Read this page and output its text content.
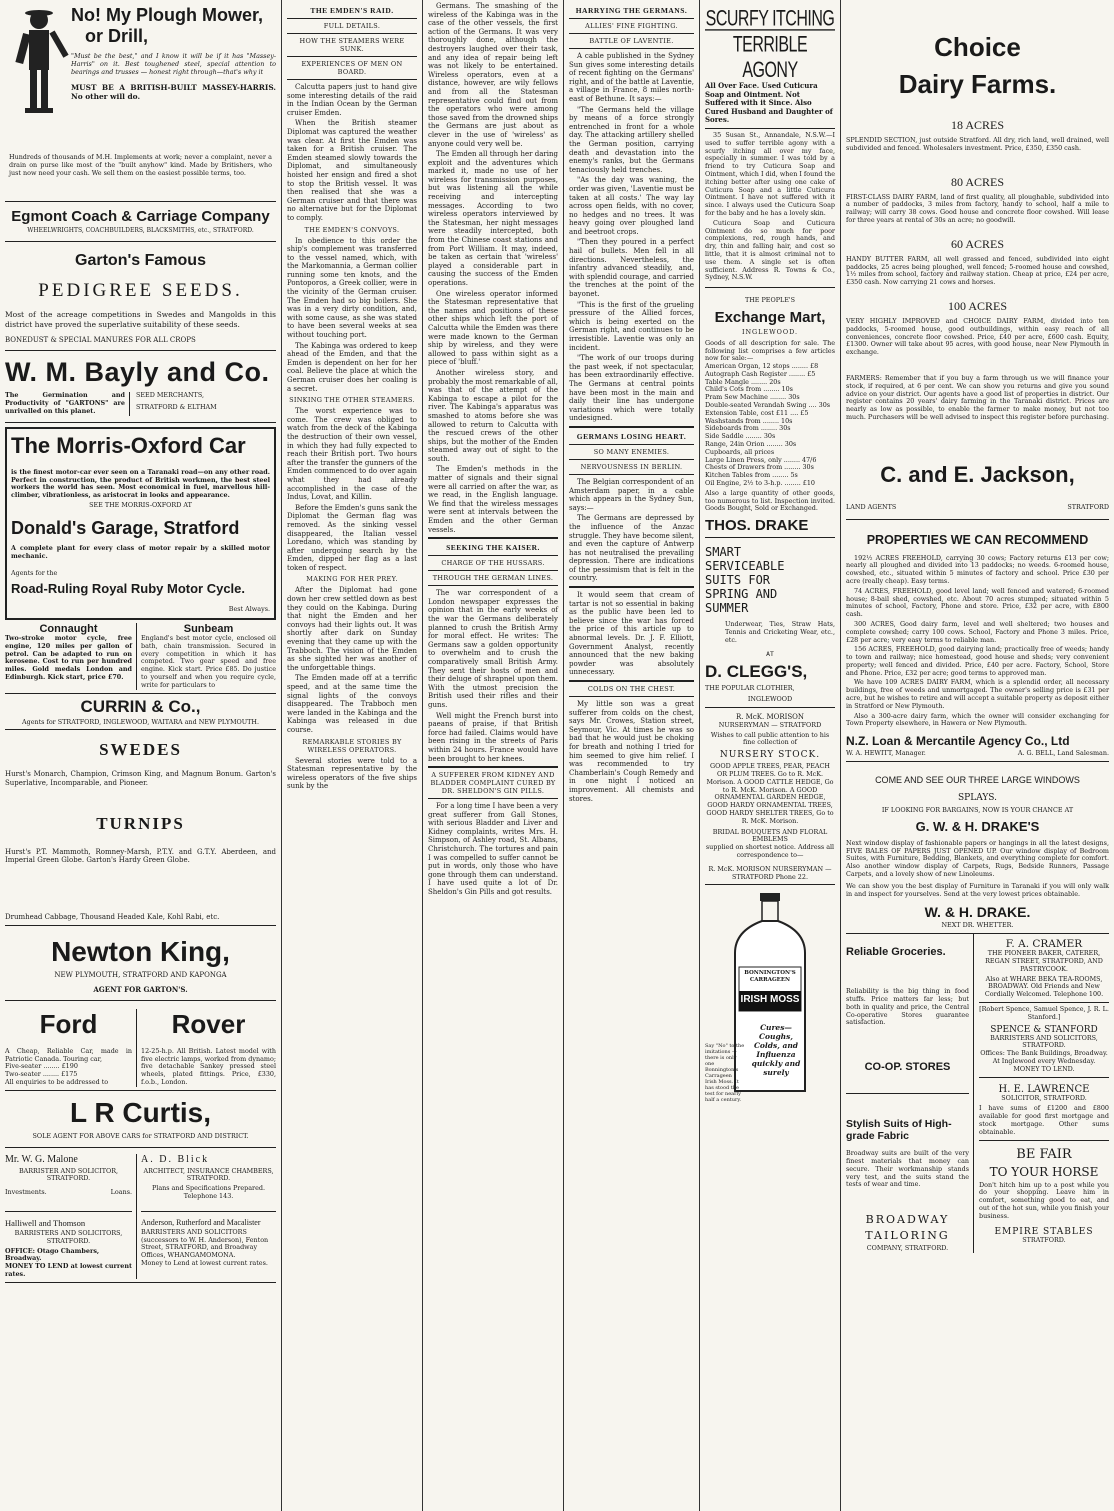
No! My Plough Mower,
or Drill,
"Must be the best," and I know it will be if it has "Massey-Harris" on it. Best toughened steel, special attention to bearings and trusses — honest right through—that's why it
MUST BE A BRITISH-BUILT MASSEY-HARRIS. No other will do.
Hundreds of thousands of M.H. Implements at work; never a complaint, never a drain on purse like most of the "built anyhow" kind. Made by Britishers, who just now need your cash. We sell them on the easiest possible terms, too.
Egmont Coach & Carriage Company
WHEELWRIGHTS, COACHBUILDERS, BLACKSMITHS, etc., STRATFORD.
Garton's Famous
PEDIGREE SEEDS.
Most of the acreage competitions in Swedes and Mangolds in this district have proved the superlative suitability of these seeds.
BONEDUST & SPECIAL MANURES FOR ALL CROPS
W. M. Bayly and Co.
The Germination and Productivity of "GARTONS" are unrivalled on this planet.
SEED MERCHANTS,
STRATFORD & ELTHAM
The Morris-Oxford Car
is the finest motor-car ever seen on a Taranaki road—on any other road. Perfect in construction, the product of British workmen, the best steel workers the world has seen. Most economical in fuel, marvellous hill-climber, vibrationless, as aristocrat in looks and appearance.
SEE THE MORRIS-OXFORD AT
Donald's Garage, Stratford
A complete plant for every class of motor repair by a skilled motor mechanic.
Agents for the
Road-Ruling Royal Ruby Motor Cycle.
Best Always.
Connaught
Two-stroke motor cycle, free engine, 120 miles per gallon of petrol. Can be adapted to run on kerosene. Cost to run per hundred miles. Gold medals London and Edinburgh. Kick start, price £70.
Sunbeam
England's best motor cycle, enclosed oil bath, chain transmission. Secured in every competition in which it has competed. Two gear speed and free engine. Kick start. Price £85. Do justice to yourself and when you require cycle, write for particulars to
CURRIN & Co.,
Agents for STRATFORD, INGLEWOOD, WAITARA and NEW PLYMOUTH.
SWEDES
Hurst's Monarch, Champion, Crimson King, and Magnum Bonum. Garton's Superlative, Incomparable, and Pioneer.
TURNIPS
Hurst's P.T. Mammoth, Romney-Marsh, P.T.Y. and G.T.Y. Aberdeen, and Imperial Green Globe. Garton's Hardy Green Globe.
Drumhead Cabbage, Thousand Headed Kale, Kohl Rabi, etc.
Newton King,
NEW PLYMOUTH, STRATFORD AND KAPONGA
AGENT FOR GARTON'S.
Ford
A Cheap, Reliable Car, made in Patriotic Canada. Touring car,
Five-seater ........ £190
Two-seater ........ £175
All enquiries to be addressed to
Rover
12-25-h.p. All British. Latest model with five electric lamps, worked from dynamo; five detachable Sankey pressed steel wheels, plated fittings. Price, £330, f.o.b., London.
L R Curtis,
SOLE AGENT FOR ABOVE CARS for STRATFORD AND DISTRICT.
Mr. W. G. Malone
BARRISTER AND SOLICITOR, STRATFORD.
Investments.	Loans.
Halliwell and Thomson
BARRISTERS AND SOLICITORS, STRATFORD.
OFFICE: Otago Chambers, Broadway.
MONEY TO LEND at lowest current rates.
A. D. Blick
ARCHITECT, INSURANCE CHAMBERS, STRATFORD.
Plans and Specifications Prepared. Telephone 143.
Anderson, Rutherford and Macalister
BARRISTERS AND SOLICITORS (successors to W. H. Anderson), Fenton Street, STRATFORD, and Broadway Offices, WHANGAMOMONA.
Money to Lend at lowest current rates.
THE EMDEN'S RAID.
FULL DETAILS.
HOW THE STEAMERS WERE SUNK.
EXPERIENCES OF MEN ON BOARD.

Calcutta papers just to hand give some interesting details of the raid in the Indian Ocean by the German cruiser Emden.

When the British steamer Diplomat was captured the weather was clear. At first the Emden was taken for a British cruiser. The Emden steamed slowly towards the Diplomat, and simultaneously hoisted her ensign and fired a shot to stop the British vessel. It was then realised that she was a German cruiser and that there was no alternative but for the Diplomat to comply.

THE EMDEN'S CONVOYS.

In obedience to this order the ship's complement was transferred to the vessel named, which, with the Markomannia, a German collier running some ten knots, and the Pontoporos, a Greek collier, were in the vicinity of the German cruiser. The Emden had so big boilers. She was in a very dirty condition, and, with some cause, as she was stated to have been several weeks at sea without touching port.

The Kabinga was ordered to keep ahead of the Emden, and that the Emden is dependent on her for her coal. Believe the place at which the German cruiser does her coaling is a secret.

SINKING THE OTHER STEAMERS.

The worst experience was to come. The crew was obliged to watch from the deck of the Kabinga the destruction of their own vessel, in which they had fully expected to reach their British port. Two hours after the transfer the gunners of the Emden commenced to do over again what they had already accomplished in the case of the Indus, Lovat, and Killin.

Before the Emden's guns sank the Diplomat the German flag was removed. As the sinking vessel disappeared, the Italian vessel Loredano, which was standing by after undergoing search by the Emden, dipped her flag as a last token of respect.

MAKING FOR HER PREY.

After the Diplomat had gone down her crew settled down as best they could on the Kabinga. During that night the Emden and her convoys had their lights out. It was shortly after dark on Sunday evening that they came up with the Trabboch. The vision of the Emden as she sighted her was another of the unforgettable things.

The Emden made off at a terrific speed, and at the same time the signal lights of the convoys disappeared. The Trabboch men were landed in the Kabinga and the Kabinga was released in due course.

REMARKABLE STORIES BY WIRELESS OPERATORS.

Several stories were told to a Statesman representative by the wireless operators of the five ships sunk by the

Germans. The smashing of the wireless of the Kabinga was in the case of the other vessels, the first action of the Germans. It was very thoroughly done, although the destroyers laughed over their task, and any idea of repair being left was not likely to be entertained. Wireless operators, even at a distance, however, are wily fellows and from all the Statesman representative could find out from the operators who were among those saved from the drowned ships the Germans are just about as clever in the use of 'wireless' as anyone could very well be.

The Emden all through her daring exploit and the adventures which marked it, made no use of her wireless for transmission purposes, but was listening all the while receiving and intercepting messages. According to two wireless operators interviewed by the Statesman, her night messages were steadily intercepted, both from the Chinese coast stations and from Port William. It may, indeed, be taken as certain that 'wireless' played a considerable part in causing the success of the Emden operations.

One wireless operator informed the Statesman representative that the names and positions of these other ships which left the port of Calcutta while the Emden was there were made known to the German ship by wireless, and they were allowed to pass within sight as a piece of 'bluff.'

Another wireless story, and probably the most remarkable of all, was that of the attempt of the Kabinga to escape a pilot for the river. The Kabinga's apparatus was smashed to atoms before she was allowed to return to Calcutta with the rescued crews of the other ships, but the mother of the Emden steamed away out of sight to the south.

The Emden's methods in the matter of signals and their signal were all carried on after the war, as we read, in the English language. We find that the wireless messages were sent at intervals between the Emden and the other German vessels.

SEEKING THE KAISER.
CHARGE OF THE HUSSARS.
THROUGH THE GERMAN LINES.

The war correspondent of a London newspaper expresses the opinion that in the early weeks of the war the Germans deliberately planned to crush the British Army for moral effect. He writes: The Germans saw a golden opportunity to overwhelm and to crush the comparatively small British Army. They sent their hosts of men and their deluge of shrapnel upon them. With the utmost precision the British used their rifles and their guns.

Well might the French burst into paeans of praise, if that British force had failed. Claims would have been rising in the streets of Paris within 24 hours. France would have been brought to her knees.

A SUFFERER FROM KIDNEY AND BLADDER COMPLAINT CURED BY DR. SHELDON'S GIN PILLS.

For a long time I have been a very great sufferer from Gall Stones, with serious Bladder and Liver and Kidney complaints, writes Mrs. H. Simpson, of Ashley road, St. Albans, Christchurch. The tortures and pain I was compelled to suffer cannot be put in words, only those who have gone through them can understand. I have used quite a lot of Dr. Sheldon's Gin Pills and got results.

HARRYING THE GERMANS.
ALLIES' FINE FIGHTING.
BATTLE OF LAVENTIE.

A cable published in the Sydney Sun gives some interesting details of recent fighting on the Germans' right, and of the battle at Laventie, a village in France, 8 miles north-east of Bethune. It says:—

"The Germans held the village by means of a force strongly entrenched in front for a whole day. The attacking artillery shelled the German position, carrying death and devastation into the enemy's ranks, but the Germans tenaciously held trenches.

"As the day was waning, the order was given, 'Laventie must be taken at all costs.' The way lay across open fields, with no cover, no hedges and no trees. It was heavy going over ploughed land and beetroot crops.

"Then they poured in a perfect hail of bullets. Men fell in all directions. Nevertheless, the infantry advanced steadily, and, with splendid courage, and carried the trenches at the point of the bayonet.

"This is the first of the grueling pressure of the Allied forces, which is being exerted on the German right, and continues to be irresistible. Laventie was only an incident.

"The work of our troops during the past week, if not spectacular, has been extraordinarily effective. The Germans at central points have been most in the main and daily their line has undergone variations which were totally undesigned.

GERMANS LOSING HEART.
SO MANY ENEMIES.
NERVOUSNESS IN BERLIN.

The Belgian correspondent of an Amsterdam paper, in a cable which appears in the Sydney Sun, says:—

The Germans are depressed by the influence of the Anzac struggle. They have become silent, and even the capture of Antwerp has not neutralised the prevailing depression. There are indications of the pessimism that is felt in the country.

It would seem that cream of tartar is not so essential in baking as the public have been led to believe since the war has forced the price of this article up to abnormal levels. Dr. J. F. Elliott, Government Analyst, recently announced that the new baking powder was absolutely unnecessary.

COLDS ON THE CHEST.

My little son was a great sufferer from colds on the chest, says Mr. Crowes, Station street, Seymour, Vic. At times he was so bad that he would just be choking for breath and nothing I tried for him seemed to give him relief. I was recommended to try Chamberlain's Cough Remedy and in one night I noticed an improvement. All chemists and stores.

SCURFY ITCHING
TERRIBLE AGONY
All Over Face. Used Cuticura Soap and Ointment. Not Suffered with it Since. Also Cured Husband and Daughter of Sores.

35 Susan St., Annandale, N.S.W.—I used to suffer terrible agony with a scurfy itching all over my face, especially in summer. I was told by a friend to try Cuticura Soap and Ointment, which I did, when I found the itching better after using one cake of Cuticura Soap and a little Cuticura Ointment. I have not suffered with it since. I always used the Cuticura Soap for the baby and he has a lovely skin.

Cuticura Soap and Cuticura Ointment do so much for poor complexions, red, rough hands, and dry, thin and falling hair, and cost so little, that it is almost criminal not to use them. A single set is often sufficient. Address R. Towns & Co., Sydney, N.S.W.

THE PEOPLE'S
Exchange Mart,
INGLEWOOD.
Goods of all description for sale. The following list comprises a few articles now for sale:—
American Organ, 12 stops ........ £8
Autograph Cash Register ........ £5
Table Mangle ........ 20s
Child's Cots from ........ 10s
Pram Sew Machine ........ 30s
Double-seated Verandah Swing .... 30s
Extension Table, cost £11 .... £5
Washstands from ........ 10s
Sideboards from ........ 30s
Side Saddle ........ 30s
Range, 24in Orion ........ 30s
Cupboards, all prices
Large Linen Press, only ........ 47/6
Chests of Drawers from ........ 30s
Kitchen Tables from ........ 5s
Oil Engine, 2½ to 3-h.p. ........ £10
Also a large quantity of other goods, too numerous to list. Inspection invited. Goods Bought, Sold or Exchanged.
THOS. DRAKE
SMART
SERVICEABLE
SUITS FOR
SPRING AND
SUMMER
Underwear, Ties, Straw Hats, Tennis and Cricketing Wear, etc., etc.
AT
D. CLEGG'S,
THE POPULAR CLOTHIER,
INGLEWOOD
R. McK. MORISON
NURSERYMAN — STRATFORD
Wishes to call public attention to his fine collection of
NURSERY STOCK.
GOOD APPLE TREES, PEAR, PEACH OR PLUM TREES. Go to R. McK. Morison. A GOOD CATTLE HEDGE, Go to R. McK. Morison. A GOOD ORNAMENTAL GARDEN HEDGE, GOOD HARDY ORNAMENTAL TREES, GOOD HARDY SHELTER TREES, Go to R. McK. Morison.
BRIDAL BOUQUETS AND FLORAL EMBLEMS
supplied on shortest notice. Address all correspondence to—
R. McK. MORISON NURSERYMAN — STRATFORD Phone 22.
BONNINGTON'S CARRAGEEN
IRISH MOSS
Cures— Coughs, Colds, and Influenza quickly and surely
Say "No" to the imitations — there is only one Bonnington's Carrageen Irish Moss. It has stood the test for nearly half a century.
Choice
Dairy Farms.
18 ACRES

SPLENDID SECTION, just outside Stratford. All dry, rich land, well drained, well subdivided and fenced. Wholesalers investment. Price, £350, £350 cash.

80 ACRES

FIRST-CLASS DAIRY FARM, land of first quality, all ploughable, subdivided into a number of paddocks, 3 miles from factory, handy to school, half a mile to railway; will carry 38 cows. Good house and concrete floor cowshed. Will lease for three years at rental of 30s an acre; no goodwill.

60 ACRES

HANDY BUTTER FARM, all well grassed and fenced, subdivided into eight paddocks, 25 acres being ploughed, well fenced; 5-roomed house and cowshed, 1½ miles from school, factory and railway station. Cheap at price, £24 per acre, £350 cash. Now carrying 21 cows and horses.

100 ACRES

VERY HIGHLY IMPROVED and CHOICE DAIRY FARM, divided into ten paddocks, 5-roomed house, good outbuildings, within easy reach of all conveniences, concrete floor cowshed. Price, £40 per acre, £600 cash. Equity, £1300. Owner will take about 95 acres, with good house, near New Plymouth in exchange.

FARMERS: Remember that if you buy a farm through us we will finance your stock, if required, at 6 per cent. We can show you returns and give you sound advice on your district. Our agents have a good list of properties in district. Our register contains 20 years' dairy farming in the Taranaki district. Prices are nearly as low as possible, to enable the farmer to make money, but not too much. Purchasers will be well advised to inspect this register before purchasing.

C. and E. Jackson,
LAND AGENTS	STRATFORD
PROPERTIES WE CAN RECOMMEND

192½ ACRES FREEHOLD, carrying 30 cows; Factory returns £13 per cow; nearly all ploughed and divided into 13 paddocks; no weeds. 6-roomed house, cowshed, etc., situated within 5 minutes of factory and school. Price £30 per acre (really cheap). Easy terms.

74 ACRES, FREEHOLD, good level land; well fenced and watered; 6-roomed house; 8-bail shed, cowshed, etc. About 70 acres stumped; situated within 5 minutes of school, Factory, Phone and store. Price, £32 per acre, with £800 cash.

300 ACRES, Good dairy farm, level and well sheltered; two houses and complete cowshed; carry 100 cows. School, Factory and Phone 3 miles. Price, £28 per acre; very easy terms to reliable man.

156 ACRES, FREEHOLD, good dairying land; practically free of weeds; handy to town and railway; nice homestead, good house and sheds; very convenient property; well fenced and divided. Price, £40 per acre. Factory, School, Store and Phone. Price, £32 per acre; good terms to approved man.

We have 109 ACRES DAIRY FARM, which is a splendid order, all necessary buildings, free of weeds and unmortgaged. The owner's selling price is £31 per acre, but he wishes to retire and will accept a suitable property as deposit either in Stratford or New Plymouth.

Also a 300-acre dairy farm, which the owner will consider exchanging for Town Property elsewhere, in Hawera or New Plymouth.

N.Z. Loan & Mercantile Agency Co., Ltd
W. A. HEWITT, Manager.	A. G. BELL, Land Salesman.
COME AND SEE OUR THREE LARGE WINDOWS
SPLAYS.
IF LOOKING FOR BARGAINS, NOW IS YOUR CHANCE AT
G. W. & H. DRAKE'S

Next window display of fashionable papers or hangings in all the latest designs, FIVE BALES OF PAPERS JUST OPENED UP. Our window display of Bedroom Suites, with Furniture, Bedding, Blankets, and everything complete for comfort. Also another window display of Carpets, Rugs, Bedside Runners, Passage Carpets, and a lovely show of new Linoleums.

We can show you the best display of Furniture in Taranaki if you will only walk in and inspect for yourselves. Send at the very lowest prices obtainable.

W. & H. DRAKE.
NEXT DR. WHETTER.
Reliable Groceries.

Reliability is the big thing in food stuffs. Price matters far less; but both in quality and price, the Central Co-operative Stores guarantee satisfaction.

CO-OP. STORES
Stylish Suits of High-grade Fabric

Broadway suits are built of the very finest materials that money can secure. Their workmanship stands very test, and the suits stand the tests of wear and time.

BROADWAY
TAILORING
COMPANY, STRATFORD.
F. A. CRAMER
THE PIONEER BAKER, CATERER, REGAN STREET, STRATFORD, AND PASTRYCOOK.
Also at WHARE BEKA TEA-ROOMS, BROADWAY. Old Friends and New Cordially Welcomed. Telephone 100.
[Robert Spence, Samuel Spence, J. R. L. Stanford.]
SPENCE & STANFORD
BARRISTERS AND SOLICITORS, STRATFORD.
Offices: The Bank Buildings, Broadway. At Inglewood every Wednesday. MONEY TO LEND.
H. E. LAWRENCE
SOLICITOR, STRATFORD.

I have sums of £1200 and £800 available for good first mortgage and stock mortgage. Other sums obtainable.

BE FAIR
TO YOUR HORSE

Don't hitch him up to a post while you do your shopping. Leave him in comfort, something good to eat, and out of the hot sun, while you finish your business.

EMPIRE STABLES
STRATFORD.
